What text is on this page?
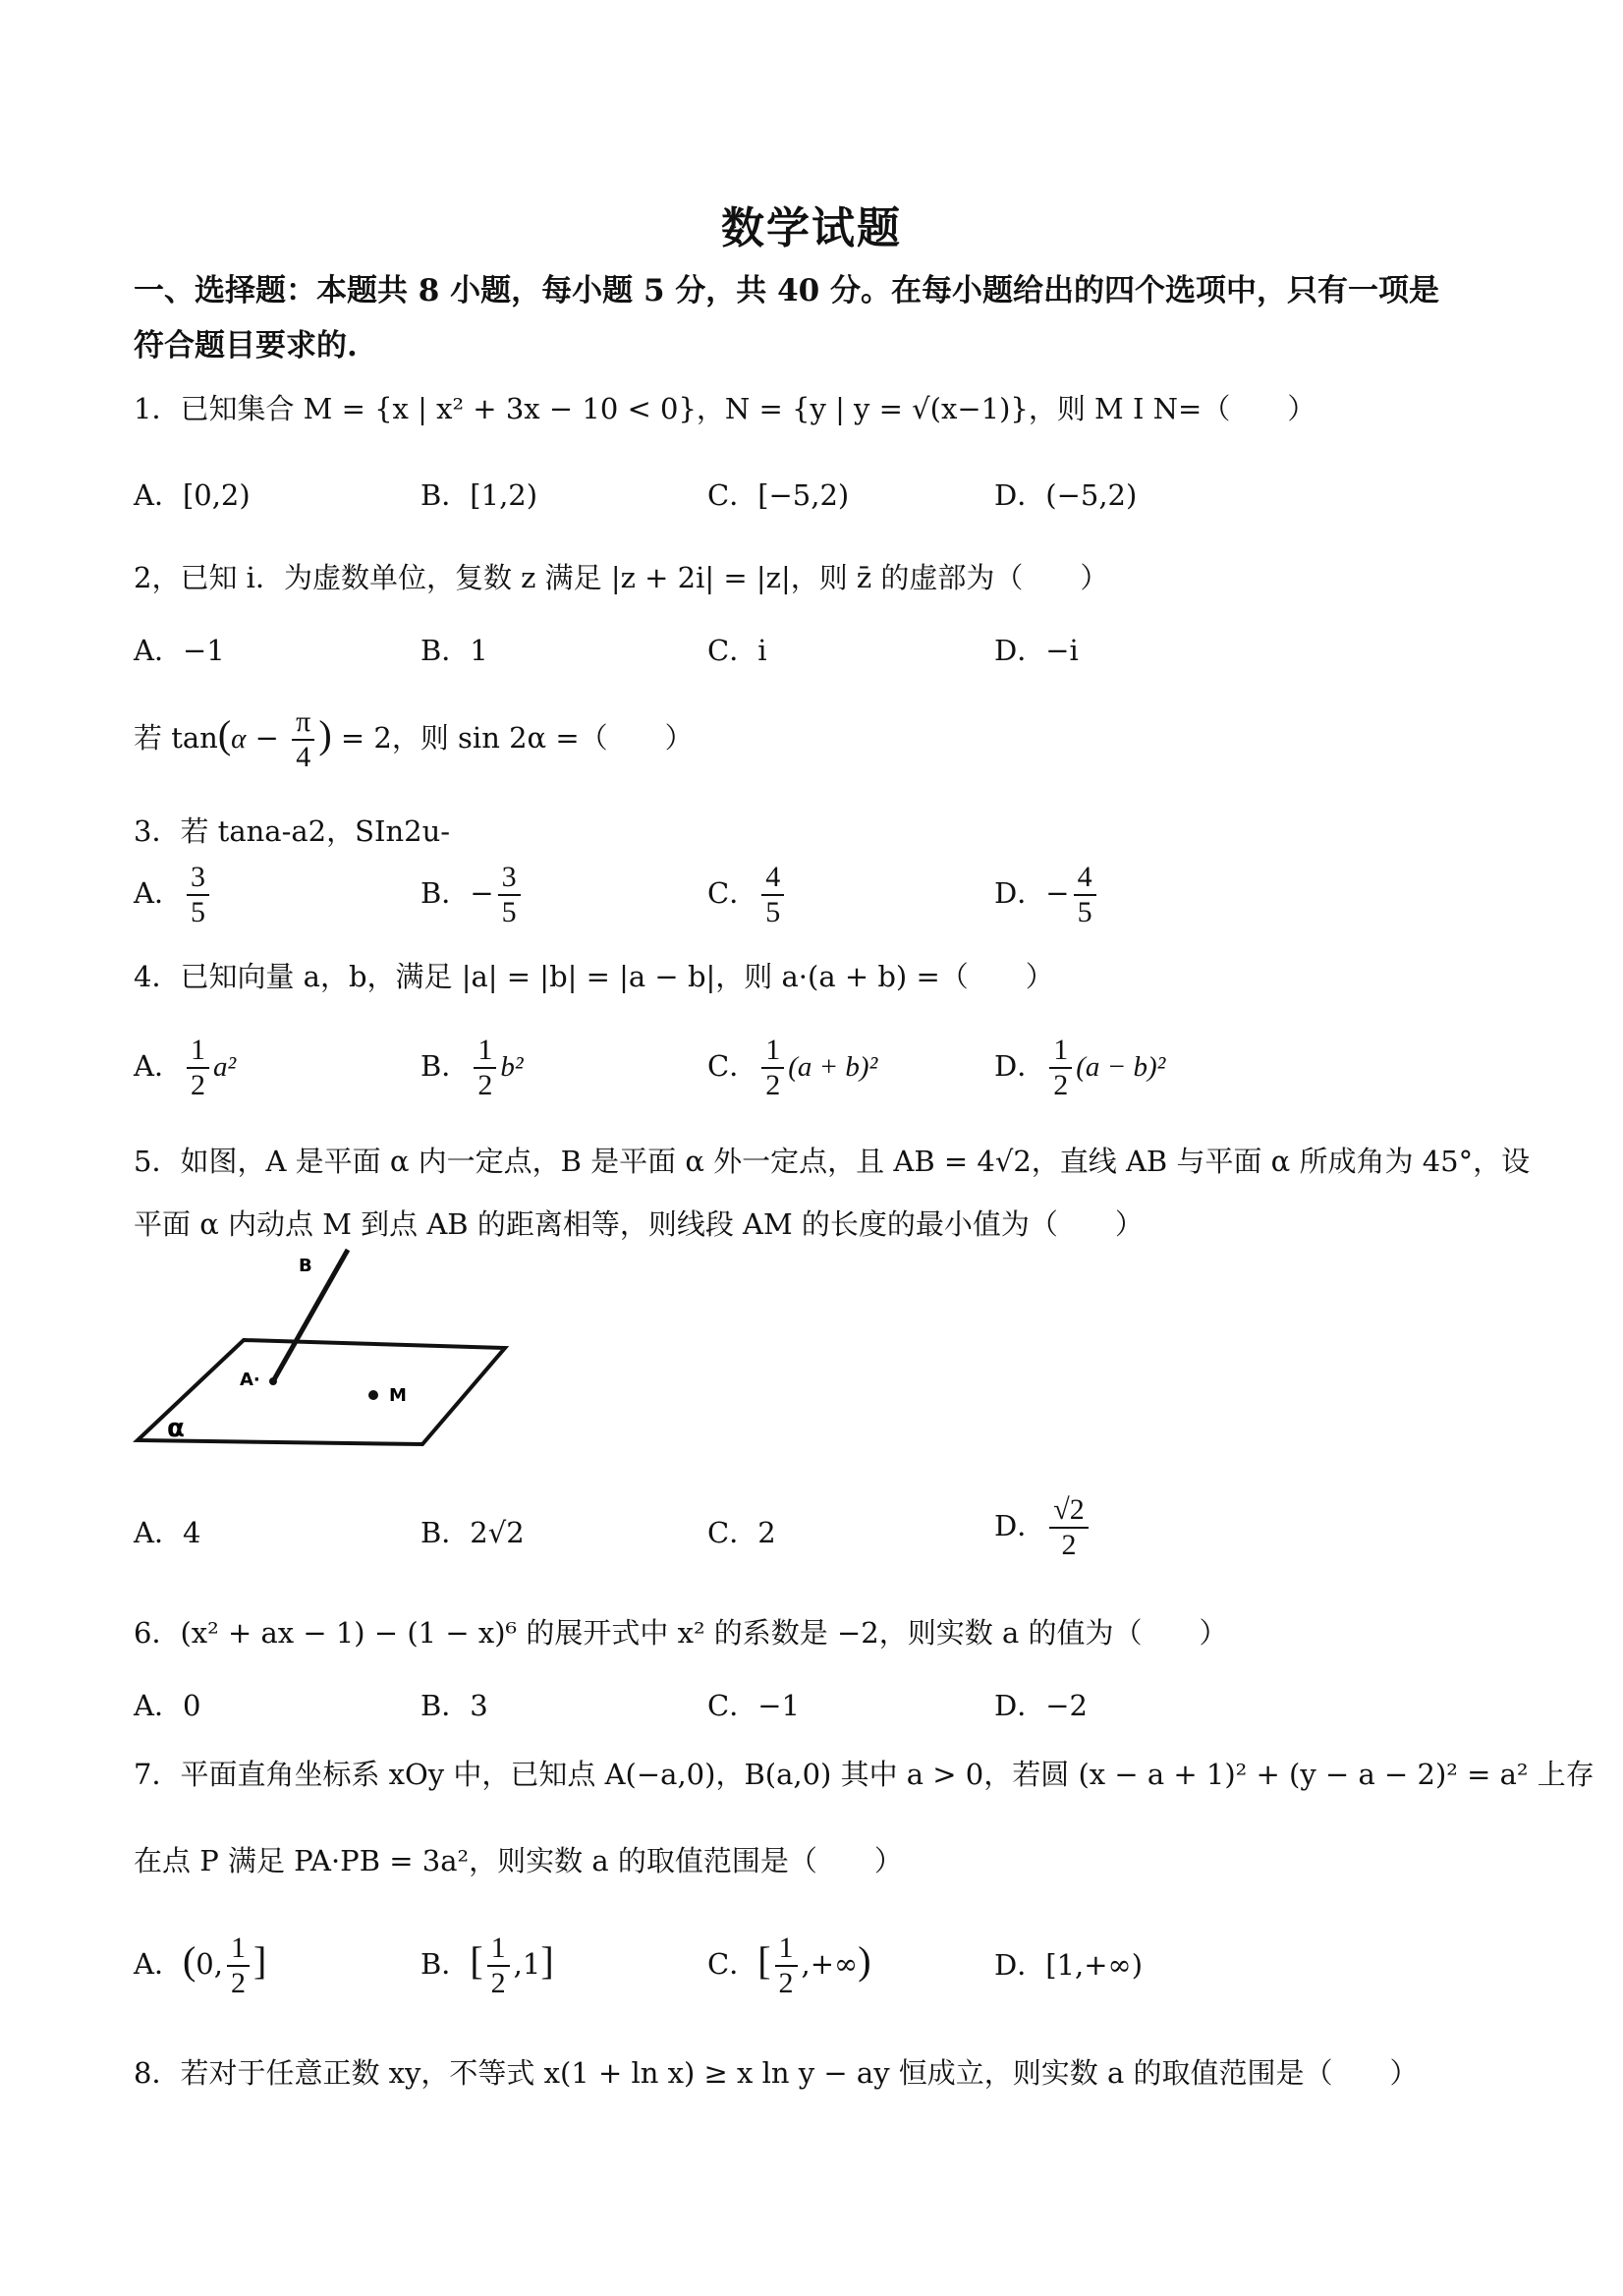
数学试题
一、选择题：本题共 8 小题，每小题 5 分，共 40 分。在每小题给出的四个选项中，只有一项是
符合题目要求的.
1．已知集合 M = {x | x² + 3x − 10 < 0}，N = {y | y = √(x−1)}，则 M I N=（　　）
A．[0,2)	B．[1,2)	C．[−5,2)	D．(−5,2)
2，已知 i．为虚数单位，复数 z 满足 |z + 2i| = |z|，则 z̄ 的虚部为（　　）
A．−1	B．1	C．i	D．−i
若 $\tan(\alpha - \frac{\pi}{4}$ ) = 2，则 sin 2α =（　　）
3．若 tana-a2，SIn2u-
A． $\frac{3}{5}$	B．− $\frac{3}{5}$	C． $\frac{4}{5}$	D．− $\frac{4}{5}$
4．已知向量 a，b，满足 |a| = |b| = |a − b|，则 a·(a + b) =（　　）
A． $\frac{1}{2} a^2$	B． $\frac{1}{2} b^2$	C． $\frac{1}{2} (a + b)^2$	D． $\frac{1}{2} (a - b)^2$
5．如图，A 是平面 α 内一定点，B 是平面 α 外一定点，且 AB = 4√2，直线 AB 与平面 α 所成角为 45°，设
平面 α 内动点 M 到点 AB 的距离相等，则线段 AM 的长度的最小值为（　　）
B
A·
M
α
A．4	B．2√2	C．2	D． $\frac{√2}{2}$
6．(x² + ax − 1) − (1 − x)⁶ 的展开式中 x² 的系数是 −2，则实数 a 的值为（　　）
A．0	B．3	C．−1	D．−2
7．平面直角坐标系 xOy 中，已知点 A(−a,0)，B(a,0) 其中 a > 0，若圆 (x − a + 1)² + (y − a − 2)² = a² 上存
在点 P 满足 PA·PB = 3a²，则实数 a 的取值范围是（　　）
A．(0, $\frac{1}{2}$ ]	B．[ $\frac{1}{2} ,1$]	C．[ $\frac{1}{2}$ ,+∞)	D．[1,+∞)
8．若对于任意正数 xy，不等式 x(1 + ln x) ≥ x ln y − ay 恒成立，则实数 a 的取值范围是（　　）
